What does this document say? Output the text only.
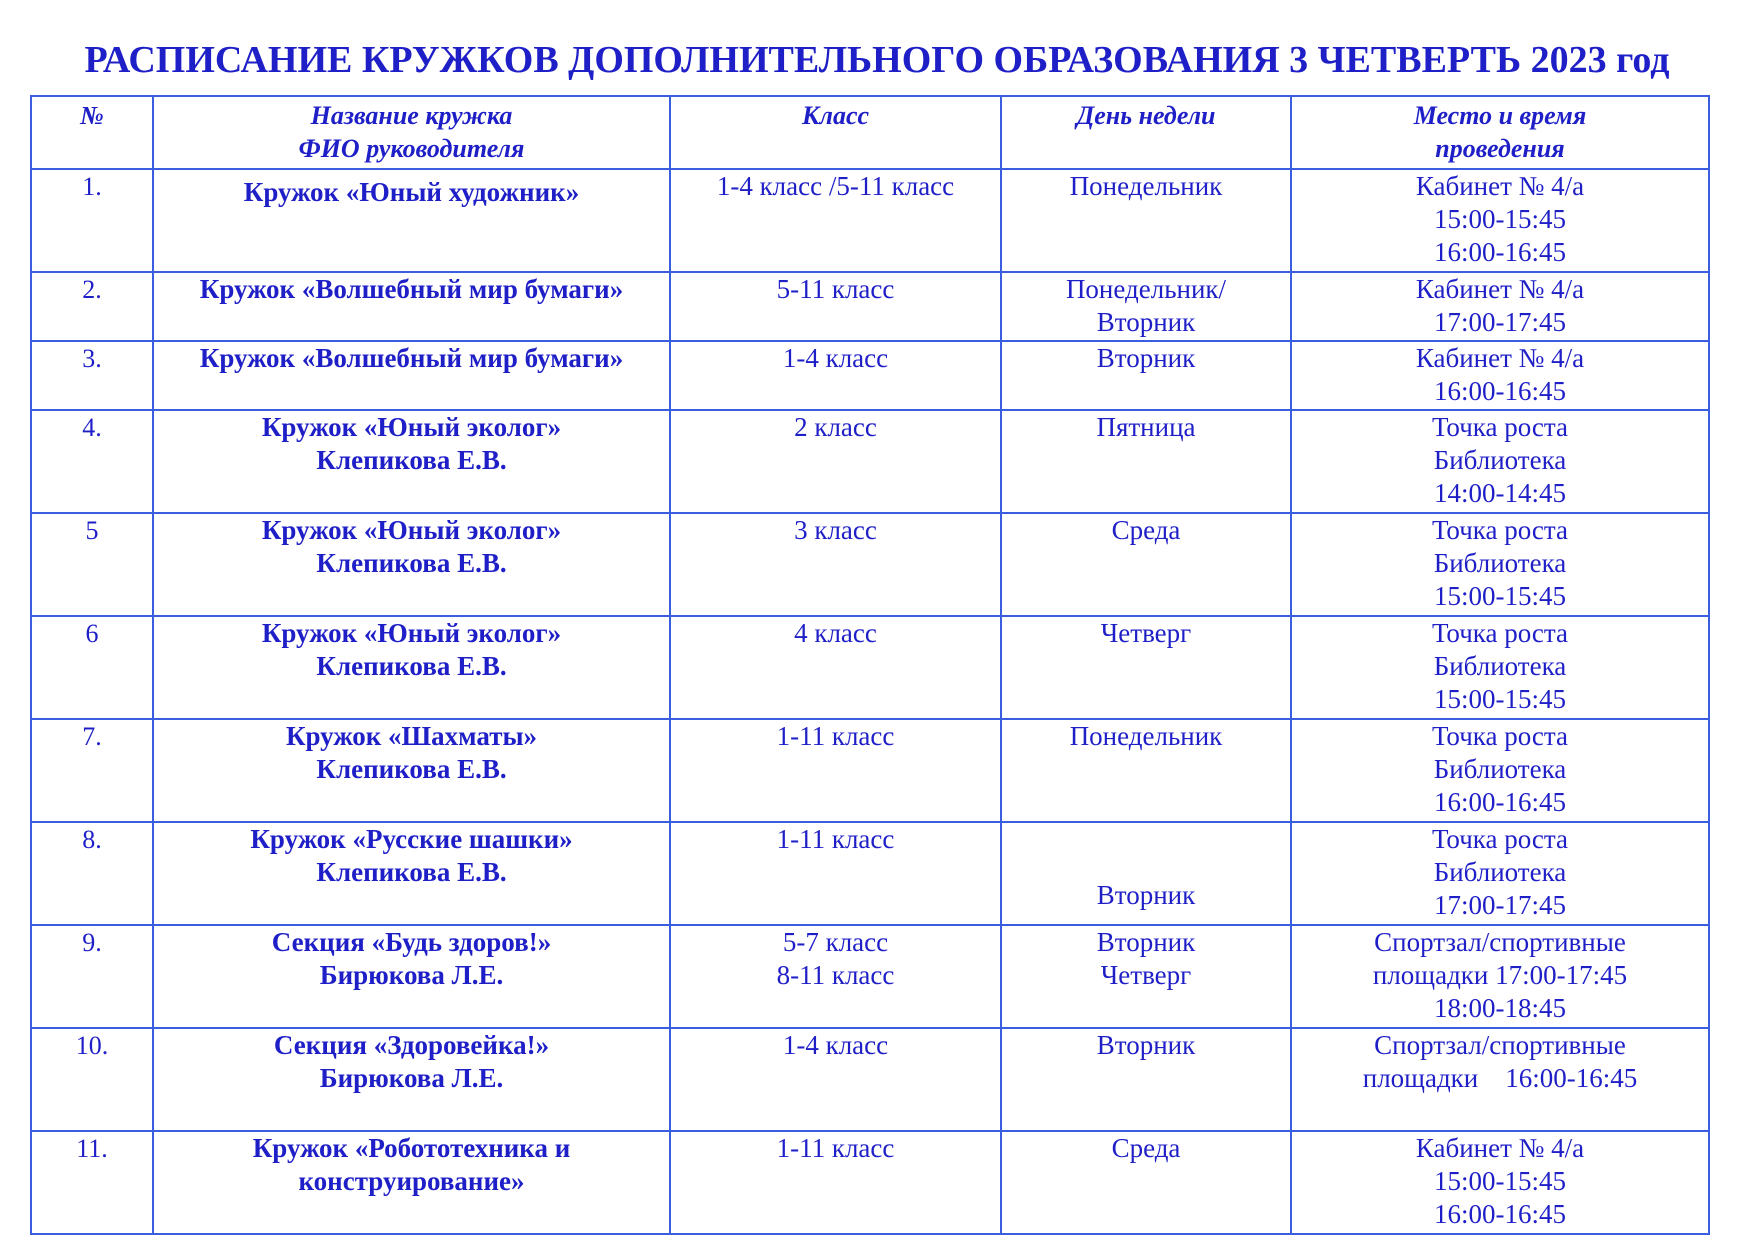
РАСПИСАНИЕ КРУЖКОВ ДОПОЛНИТЕЛЬНОГО ОБРАЗОВАНИЯ 3 ЧЕТВЕРТЬ 2023 год
№	Название кружка
ФИО руководителя	Класс	День недели	Место и время
проведения

1.	Кружок «Юный художник»	1-4 класс /5-11 класс	Понедельник	Кабинет № 4/а
15:00-15:45
16:00-16:45

2.	Кружок «Волшебный мир бумаги»	5-11 класс	Понедельник/
Вторник	Кабинет № 4/а
17:00-17:45

3.	Кружок «Волшебный мир бумаги»	1-4 класс	Вторник	Кабинет № 4/а
16:00-16:45

4.	Кружок «Юный эколог»
Клепикова Е.В.	2 класс	Пятница	Точка роста
Библиотека
14:00-14:45

5	Кружок «Юный эколог»
Клепикова Е.В.	3 класс	Среда	Точка роста
Библиотека
15:00-15:45

6	Кружок «Юный эколог»
Клепикова Е.В.	4 класс	Четверг	Точка роста
Библиотека
15:00-15:45

7.	Кружок «Шахматы»
Клепикова Е.В.	1-11 класс	Понедельник	Точка роста
Библиотека
16:00-16:45

8.	Кружок «Русские шашки»
Клепикова Е.В.	1-11 класс	Вторник	Точка роста
Библиотека
17:00-17:45

9.	Секция «Будь здоров!»
Бирюкова Л.Е.	5-7 класс
8-11 класс	Вторник
Четверг	Спортзал/спортивные
площадки 17:00-17:45
18:00-18:45

10.	Секция «Здоровейка!»
Бирюкова Л.Е.	1-4 класс	Вторник	Спортзал/спортивные
площадки    16:00-16:45

11.	Кружок «Робототехника и
конструирование»	1-11 класс	Среда	Кабинет № 4/а
15:00-15:45
16:00-16:45
